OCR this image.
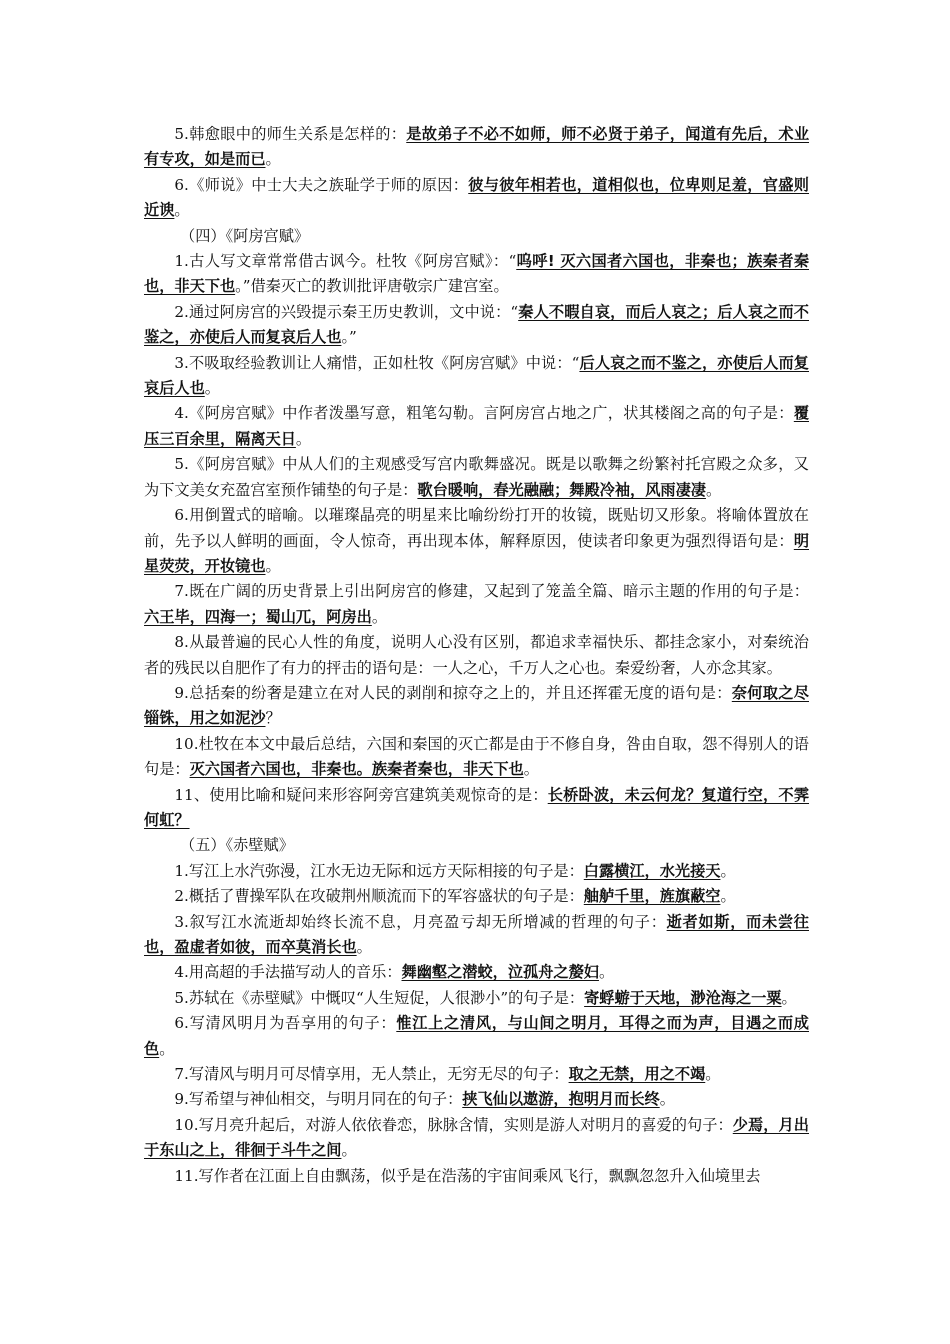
5.韩愈眼中的师生关系是怎样的：是故弟子不必不如师，师不必贤于弟子，闻道有先后，术业有专攻，如是而已。

6.《师说》中士大夫之族耻学于师的原因：彼与彼年相若也，道相似也，位卑则足羞，官盛则近谀。

（四）《阿房宫赋》

1.古人写文章常常借古讽今。杜牧《阿房宫赋》：“呜呼! 灭六国者六国也，非秦也；族秦者秦也，非天下也。”借秦灭亡的教训批评唐敬宗广建宫室。

2.通过阿房宫的兴毁提示秦王历史教训，文中说：“秦人不暇自哀，而后人哀之；后人哀之而不鉴之，亦使后人而复哀后人也。”

3.不吸取经验教训让人痛惜，正如杜牧《阿房宫赋》中说：“后人哀之而不鉴之，亦使后人而复哀后人也。

4.《阿房宫赋》中作者泼墨写意，粗笔勾勒。言阿房宫占地之广，状其楼阁之高的句子是：覆压三百余里，隔离天日。

5.《阿房宫赋》中从人们的主观感受写宫内歌舞盛况。既是以歌舞之纷繁衬托宫殿之众多，又为下文美女充盈宫室预作铺垫的句子是：歌台暖响，春光融融；舞殿冷袖，风雨凄凄。

6.用倒置式的暗喻。以璀璨晶亮的明星来比喻纷纷打开的妆镜，既贴切又形象。将喻体置放在前，先予以人鲜明的画面，令人惊奇，再出现本体，解释原因，使读者印象更为强烈得语句是：明星荧荧，开妆镜也。

7.既在广阔的历史背景上引出阿房宫的修建，又起到了笼盖全篇、暗示主题的作用的句子是：六王毕，四海一；蜀山兀，阿房出。

8.从最普遍的民心人性的角度，说明人心没有区别，都追求幸福快乐、都挂念家小，对秦统治者的残民以自肥作了有力的抨击的语句是：一人之心，千万人之心也。秦爱纷奢，人亦念其家。

9.总括秦的纷奢是建立在对人民的剥削和掠夺之上的，并且还挥霍无度的语句是：奈何取之尽锱铢，用之如泥沙？

10.杜牧在本文中最后总结，六国和秦国的灭亡都是由于不修自身，咎由自取，怨不得别人的语句是：灭六国者六国也，非秦也。族秦者秦也，非天下也。

11、使用比喻和疑问来形容阿旁宫建筑美观惊奇的是：长桥卧波，未云何龙？复道行空，不霁何虹？

（五）《赤壁赋》

1.写江上水汽弥漫，江水无边无际和远方天际相接的句子是：白露横江，水光接天。

2.概括了曹操军队在攻破荆州顺流而下的军容盛状的句子是：舳舻千里，旌旗蔽空。

3.叙写江水流逝却始终长流不息，月亮盈亏却无所增减的哲理的句子：逝者如斯，而未尝往也，盈虚者如彼，而卒莫消长也。

4.用高超的手法描写动人的音乐：舞幽壑之潜蛟，泣孤舟之嫠妇。

5.苏轼在《赤壁赋》中慨叹“人生短促，人很渺小”的句子是：寄蜉蝣于天地，渺沧海之一粟。

6.写清风明月为吾享用的句子：惟江上之清风，与山间之明月，耳得之而为声，目遇之而成色。

7.写清风与明月可尽情享用，无人禁止，无穷无尽的句子：取之无禁，用之不竭。

9.写希望与神仙相交，与明月同在的句子：挟飞仙以遨游，抱明月而长终。

10.写月亮升起后，对游人依依眷恋，脉脉含情，实则是游人对明月的喜爱的句子：少焉，月出于东山之上，徘徊于斗牛之间。

11.写作者在江面上自由飘荡，似乎是在浩荡的宇宙间乘风飞行，飘飘忽忽升入仙境里去
